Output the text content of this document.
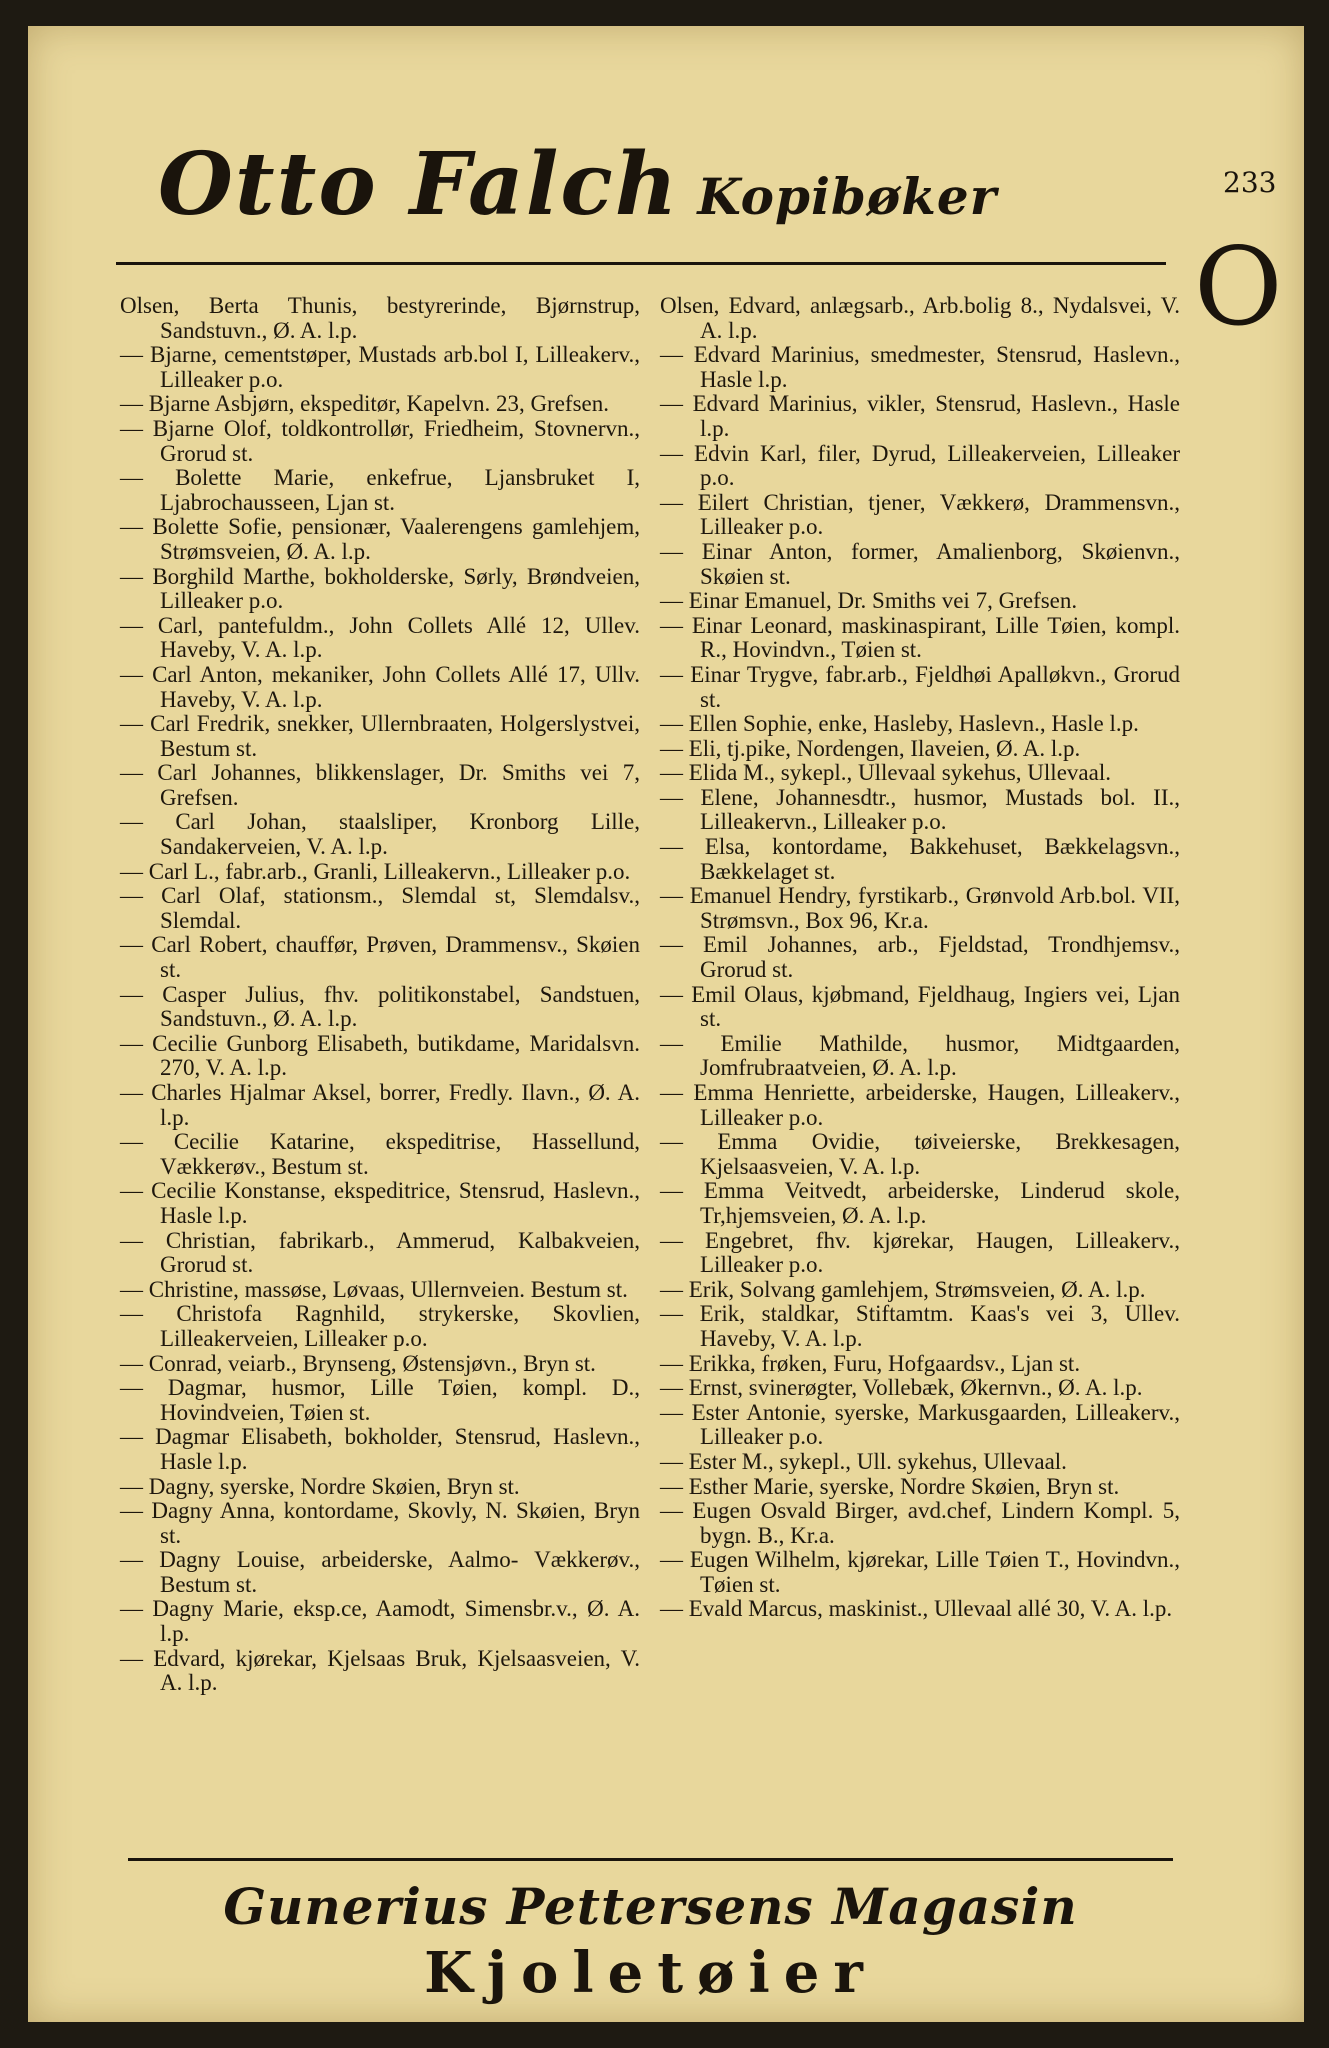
Otto Falch Kopibøker	233
O
Olsen, Berta Thunis, bestyrerinde, Bjørnstrup, Sandstuvn., Ø. A. l.p.
— Bjarne, cementstøper, Mustads arb.bol I, Lilleakerv., Lilleaker p.o.
— Bjarne Asbjørn, ekspeditør, Kapelvn. 23, Grefsen.
— Bjarne Olof, toldkontrollør, Friedheim, Stovnervn., Grorud st.
— Bolette Marie, enkefrue, Ljansbruket I, Ljabrochausseen, Ljan st.
— Bolette Sofie, pensionær, Vaalerengens gamlehjem, Strømsveien, Ø. A. l.p.
— Borghild Marthe, bokholderske, Sørly, Brøndveien, Lilleaker p.o.
— Carl, pantefuldm., John Collets Allé 12, Ullev. Haveby, V. A. l.p.
— Carl Anton, mekaniker, John Collets Allé 17, Ullv. Haveby, V. A. l.p.
— Carl Fredrik, snekker, Ullernbraaten, Holgerslystvei, Bestum st.
— Carl Johannes, blikkenslager, Dr. Smiths vei 7, Grefsen.
— Carl Johan, staalsliper, Kronborg Lille, Sandakerveien, V. A. l.p.
— Carl L., fabr.arb., Granli, Lilleakervn., Lilleaker p.o.
— Carl Olaf, stationsm., Slemdal st, Slemdalsv., Slemdal.
— Carl Robert, chauffør, Prøven, Drammensv., Skøien st.
— Casper Julius, fhv. politikonstabel, Sandstuen, Sandstuvn., Ø. A. l.p.
— Cecilie Gunborg Elisabeth, butikdame, Maridalsvn. 270, V. A. l.p.
— Charles Hjalmar Aksel, borrer, Fredly. Ilavn., Ø. A. l.p.
— Cecilie Katarine, ekspeditrise, Hassellund, Vækkerøv., Bestum st.
— Cecilie Konstanse, ekspeditrice, Stensrud, Haslevn., Hasle l.p.
— Christian, fabrikarb., Ammerud, Kalbakveien, Grorud st.
— Christine, massøse, Løvaas, Ullernveien. Bestum st.
— Christofa Ragnhild, strykerske, Skovlien, Lilleakerveien, Lilleaker p.o.
— Conrad, veiarb., Brynseng, Østensjøvn., Bryn st.
— Dagmar, husmor, Lille Tøien, kompl. D., Hovindveien, Tøien st.
— Dagmar Elisabeth, bokholder, Stensrud, Haslevn., Hasle l.p.
— Dagny, syerske, Nordre Skøien, Bryn st.
— Dagny Anna, kontordame, Skovly, N. Skøien, Bryn st.
— Dagny Louise, arbeiderske, Aalmo- Vækkerøv., Bestum st.
— Dagny Marie, eksp.ce, Aamodt, Simensbr.v., Ø. A. l.p.
— Edvard, kjørekar, Kjelsaas Bruk, Kjelsaasveien, V. A. l.p.
Olsen, Edvard, anlægsarb., Arb.bolig 8., Nydalsvei, V. A. l.p.
— Edvard Marinius, smedmester, Stensrud, Haslevn., Hasle l.p.
— Edvard Marinius, vikler, Stensrud, Haslevn., Hasle l.p.
— Edvin Karl, filer, Dyrud, Lilleakerveien, Lilleaker p.o.
— Eilert Christian, tjener, Vækkerø, Drammensvn., Lilleaker p.o.
— Einar Anton, former, Amalienborg, Skøienvn., Skøien st.
— Einar Emanuel, Dr. Smiths vei 7, Grefsen.
— Einar Leonard, maskinaspirant, Lille Tøien, kompl. R., Hovindvn., Tøien st.
— Einar Trygve, fabr.arb., Fjeldhøi Apalløkvn., Grorud st.
— Ellen Sophie, enke, Hasleby, Haslevn., Hasle l.p.
— Eli, tj.pike, Nordengen, Ilaveien, Ø. A. l.p.
— Elida M., sykepl., Ullevaal sykehus, Ullevaal.
— Elene, Johannesdtr., husmor, Mustads bol. II., Lilleakervn., Lilleaker p.o.
— Elsa, kontordame, Bakkehuset, Bækkelagsvn., Bækkelaget st.
— Emanuel Hendry, fyrstikarb., Grønvold Arb.bol. VII, Strømsvn., Box 96, Kr.a.
— Emil Johannes, arb., Fjeldstad, Trondhjemsv., Grorud st.
— Emil Olaus, kjøbmand, Fjeldhaug, Ingiers vei, Ljan st.
— Emilie Mathilde, husmor, Midtgaarden, Jomfrubraatveien, Ø. A. l.p.
— Emma Henriette, arbeiderske, Haugen, Lilleakerv., Lilleaker p.o.
— Emma Ovidie, tøiveierske, Brekkesagen, Kjelsaasveien, V. A. l.p.
— Emma Veitvedt, arbeiderske, Linderud skole, Tr,hjemsveien, Ø. A. l.p.
— Engebret, fhv. kjørekar, Haugen, Lilleakerv., Lilleaker p.o.
— Erik, Solvang gamlehjem, Strømsveien, Ø. A. l.p.
— Erik, staldkar, Stiftamtm. Kaas's vei 3, Ullev. Haveby, V. A. l.p.
— Erikka, frøken, Furu, Hofgaardsv., Ljan st.
— Ernst, svinerøgter, Vollebæk, Økernvn., Ø. A. l.p.
— Ester Antonie, syerske, Markusgaarden, Lilleakerv., Lilleaker p.o.
— Ester M., sykepl., Ull. sykehus, Ullevaal.
— Esther Marie, syerske, Nordre Skøien, Bryn st.
— Eugen Osvald Birger, avd.chef, Lindern Kompl. 5, bygn. B., Kr.a.
— Eugen Wilhelm, kjørekar, Lille Tøien T., Hovindvn., Tøien st.
— Evald Marcus, maskinist., Ullevaal allé 30, V. A. l.p.
Gunerius Pettersens Magasin
Kjoletøier
